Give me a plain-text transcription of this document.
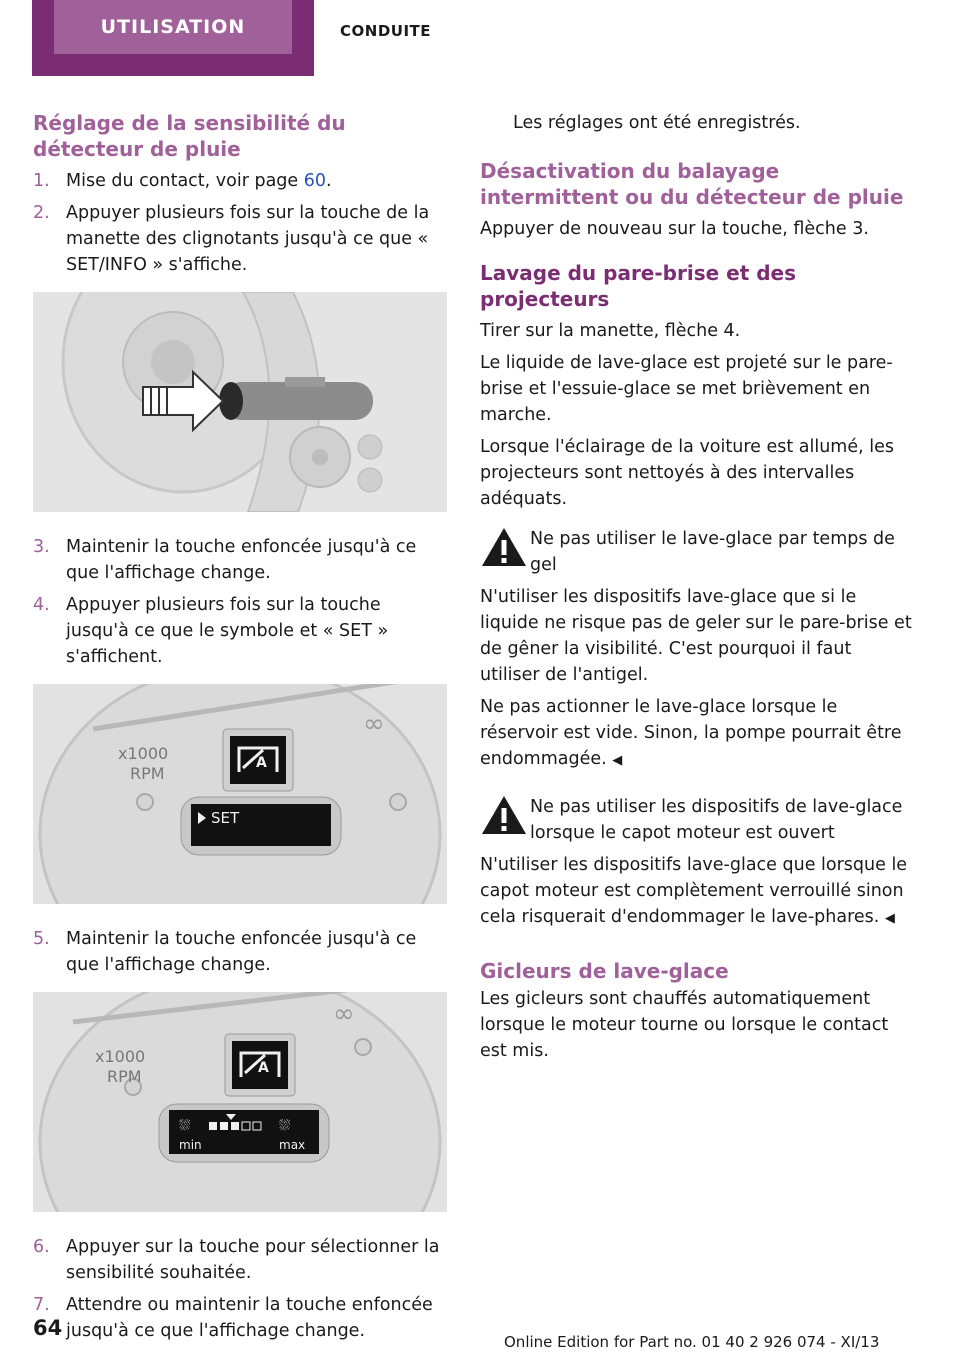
UTILISATION	CONDUITE
Réglage de la sensibilité du détecteur de pluie
1. Mise du contact, voir page 60.
2. Appuyer plusieurs fois sur la touche de la manette des clignotants jusqu'à ce que « SET/INFO » s'affiche.
3. Maintenir la touche enfoncée jusqu'à ce que l'affichage change.
4. Appuyer plusieurs fois sur la touche jusqu'à ce que le symbole et « SET » s'affichent.
x1000
RPM
∞
A
SET
5. Maintenir la touche enfoncée jusqu'à ce que l'affichage change.
x1000
RPM
∞
A
⛆	⛆
min	max
6. Appuyer sur la touche pour sélectionner la sensibilité souhaitée.
7. Attendre ou maintenir la touche enfoncée jusqu'à ce que l'affichage change.

Les réglages ont été enregistrés.

Désactivation du balayage intermittent ou du détecteur de pluie

Appuyer de nouveau sur la touche, flèche 3.

Lavage du pare-brise et des projecteurs

Tirer sur la manette, flèche 4.

Le liquide de lave-glace est projeté sur le pare-brise et l'essuie-glace se met brièvement en marche.

Lorsque l'éclairage de la voiture est allumé, les projecteurs sont nettoyés à des intervalles adéquats.

Ne pas utiliser le lave-glace par temps de gel

N'utiliser les dispositifs lave-glace que si le liquide ne risque pas de geler sur le pare-brise et de gêner la visibilité. C'est pourquoi il faut utiliser de l'antigel.

Ne pas actionner le lave-glace lorsque le réservoir est vide. Sinon, la pompe pourrait être endommagée. ◀

Ne pas utiliser les dispositifs de lave-glace lorsque le capot moteur est ouvert

N'utiliser les dispositifs lave-glace que lorsque le capot moteur est complètement verrouillé sinon cela risquerait d'endommager le lave-phares. ◀

Gicleurs de lave-glace

Les gicleurs sont chauffés automatiquement lorsque le moteur tourne ou lorsque le contact est mis.

64
Online Edition for Part no. 01 40 2 926 074 - XI/13
